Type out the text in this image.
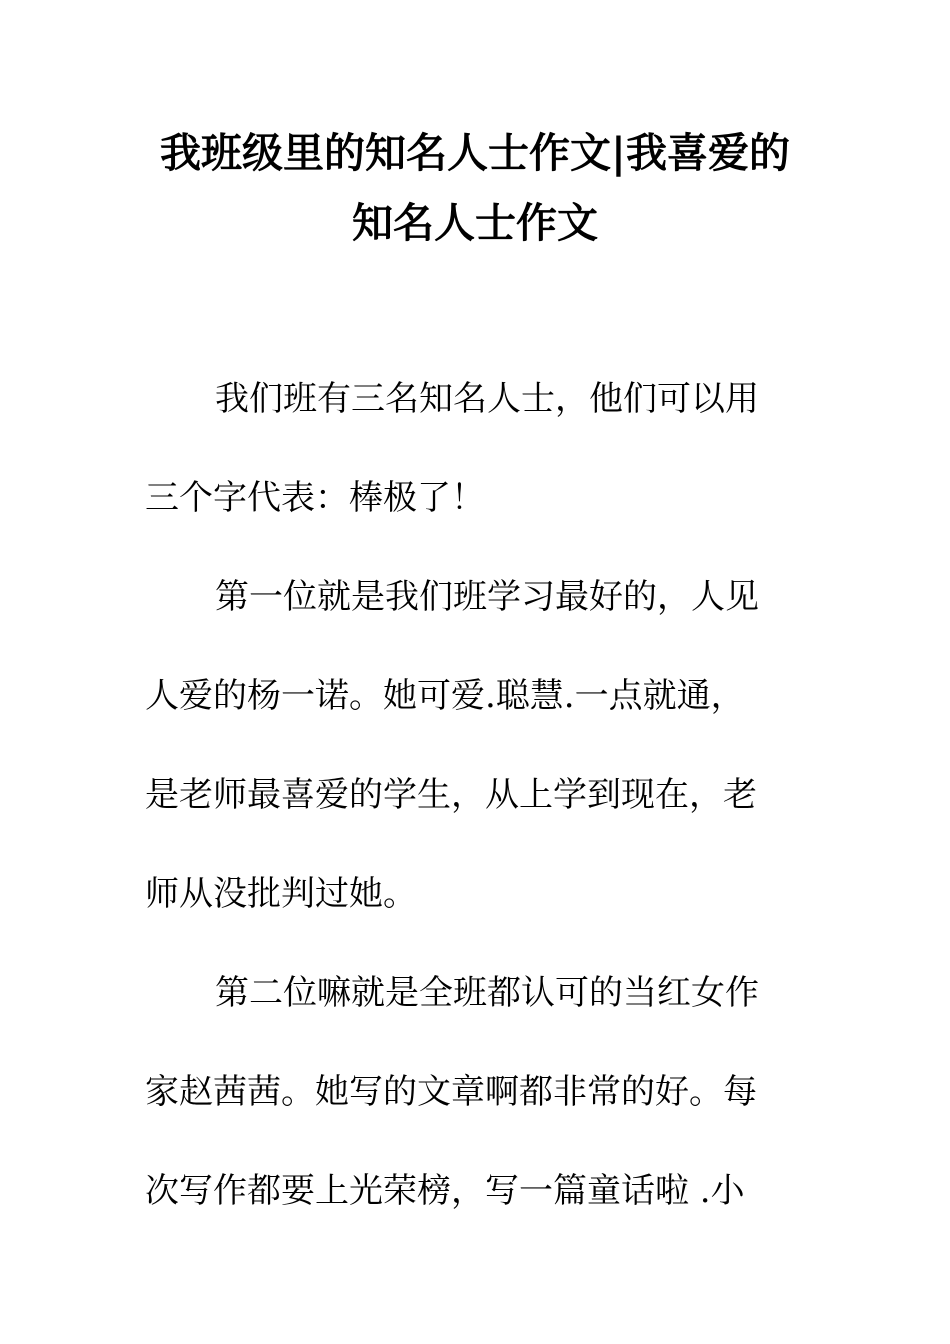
我班级里的知名人士作文|我喜爱的
知名人士作文
我们班有三名知名人士，他们可以用
三个字代表：棒极了！
第一位就是我们班学习最好的，人见
人爱的杨一诺。她可爱.聪慧.一点就通，
是老师最喜爱的学生，从上学到现在，老
师从没批判过她。
第二位嘛就是全班都认可的当红女作
家赵茜茜。她写的文章啊都非常的好。每
次写作都要上光荣榜，写一篇童话啦 .小
